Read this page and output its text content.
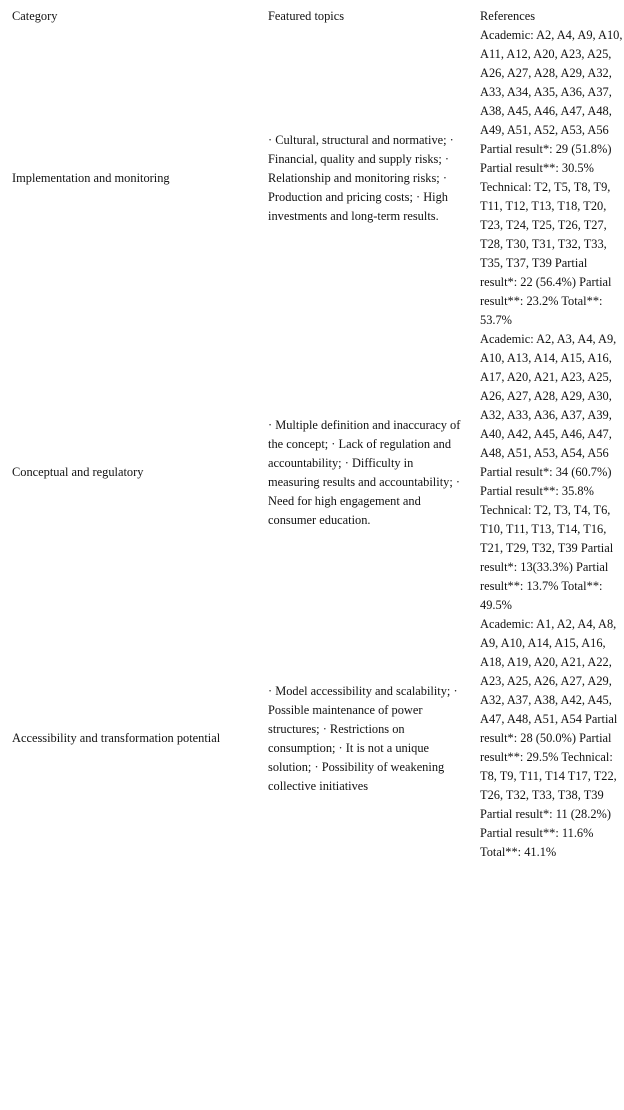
Category	Featured topics	References
Implementation and monitoring	· Cultural, structural and normative; · Financial, quality and supply risks; · Relationship and monitoring risks; · Production and pricing costs; · High investments and long-term results.	Academic: A2, A4, A9, A10, A11, A12, A20, A23, A25, A26, A27, A28, A29, A32, A33, A34, A35, A36, A37, A38, A45, A46, A47, A48, A49, A51, A52, A53, A56 Partial result*: 29 (51.8%) Partial result**: 30.5% Technical: T2, T5, T8, T9, T11, T12, T13, T18, T20, T23, T24, T25, T26, T27, T28, T30, T31, T32, T33, T35, T37, T39 Partial result*: 22 (56.4%) Partial result**: 23.2% Total**: 53.7%
Conceptual and regulatory	· Multiple definition and inaccuracy of the concept; · Lack of regulation and accountability; · Difficulty in measuring results and accountability; · Need for high engagement and consumer education.	Academic: A2, A3, A4, A9, A10, A13, A14, A15, A16, A17, A20, A21, A23, A25, A26, A27, A28, A29, A30, A32, A33, A36, A37, A39, A40, A42, A45, A46, A47, A48, A51, A53, A54, A56 Partial result*: 34 (60.7%) Partial result**: 35.8% Technical: T2, T3, T4, T6, T10, T11, T13, T14, T16, T21, T29, T32, T39 Partial result*: 13(33.3%) Partial result**: 13.7% Total**: 49.5%
Accessibility and transformation potential	· Model accessibility and scalability; · Possible maintenance of power structures; · Restrictions on consumption; · It is not a unique solution; · Possibility of weakening collective initiatives	Academic: A1, A2, A4, A8, A9, A10, A14, A15, A16, A18, A19, A20, A21, A22, A23, A25, A26, A27, A29, A32, A37, A38, A42, A45, A47, A48, A51, A54 Partial result*: 28 (50.0%) Partial result**: 29.5% Technical: T8, T9, T11, T14 T17, T22, T26, T32, T33, T38, T39 Partial result*: 11 (28.2%) Partial result**: 11.6% Total**: 41.1%
